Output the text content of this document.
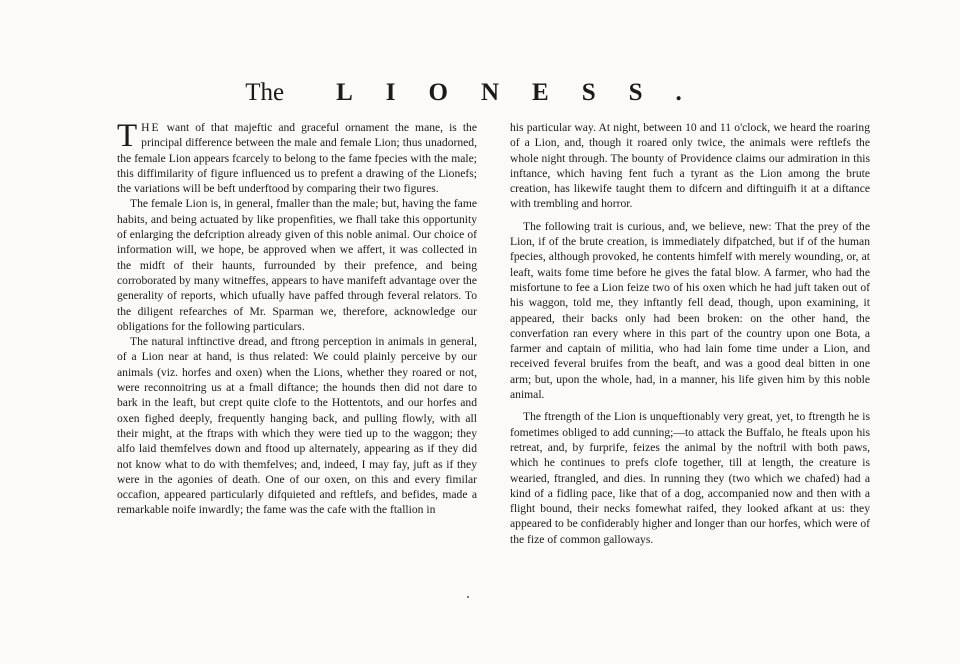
The LIONESS.

THE want of that majeftic and graceful ornament the mane, is the principal difference between the male and female Lion; thus unadorned, the female Lion appears fcarcely to belong to the fame fpecies with the male; this diffimilarity of figure influenced us to prefent a drawing of the Lionefs; the variations will be beft underftood by comparing their two figures.

The female Lion is, in general, fmaller than the male; but, having the fame habits, and being actuated by like propenfities, we fhall take this opportunity of enlarging the defcription already given of this noble animal. Our choice of information will, we hope, be approved when we affert, it was collected in the midft of their haunts, furrounded by their prefence, and being corroborated by many witneffes, appears to have manifeft advantage over the generality of reports, which ufually have paffed through feveral relators. To the diligent refearches of Mr. Sparman we, therefore, acknowledge our obligations for the following particulars.

The natural inftinctive dread, and ftrong perception in animals in general, of a Lion near at hand, is thus related: We could plainly perceive by our animals (viz. horfes and oxen) when the Lions, whether they roared or not, were reconnoitring us at a fmall diftance; the hounds then did not dare to bark in the leaft, but crept quite clofe to the Hottentots, and our horfes and oxen fighed deeply, frequently hanging back, and pulling flowly, with all their might, at the ftraps with which they were tied up to the waggon; they alfo laid themfelves down and ftood up alternately, appearing as if they did not know what to do with themfelves; and, indeed, I may fay, juft as if they were in the agonies of death. One of our oxen, on this and every fimilar occafion, appeared particularly difquieted and reftlefs, and befides, made a remarkable noife inwardly; the fame was the cafe with the ftallion in

his particular way. At night, between 10 and 11 o'clock, we heard the roaring of a Lion, and, though it roared only twice, the animals were reftlefs the whole night through. The bounty of Providence claims our admiration in this inftance, which having fent fuch a tyrant as the Lion among the brute creation, has likewife taught them to difcern and diftinguifh it at a diftance with trembling and horror.

The following trait is curious, and, we believe, new: That the prey of the Lion, if of the brute creation, is immediately difpatched, but if of the human fpecies, although provoked, he contents himfelf with merely wounding, or, at leaft, waits fome time before he gives the fatal blow. A farmer, who had the misfortune to fee a Lion feize two of his oxen which he had juft taken out of his waggon, told me, they inftantly fell dead, though, upon examining, it appeared, their backs only had been broken: on the other hand, the converfation ran every where in this part of the country upon one Bota, a farmer and captain of militia, who had lain fome time under a Lion, and received feveral bruifes from the beaft, and was a good deal bitten in one arm; but, upon the whole, had, in a manner, his life given him by this noble animal.

The ftrength of the Lion is unqueftionably very great, yet, to ftrength he is fometimes obliged to add cunning;—to attack the Buffalo, he fteals upon his retreat, and, by furprife, feizes the animal by the noftril with both paws, which he continues to prefs clofe together, till at length, the creature is wearied, ftrangled, and dies. In running they (two which we chafed) had a kind of a fidling pace, like that of a dog, accompanied now and then with a flight bound, their necks fomewhat raifed, they looked afkant at us: they appeared to be confiderably higher and longer than our horfes, which were of the fize of common galloways.
